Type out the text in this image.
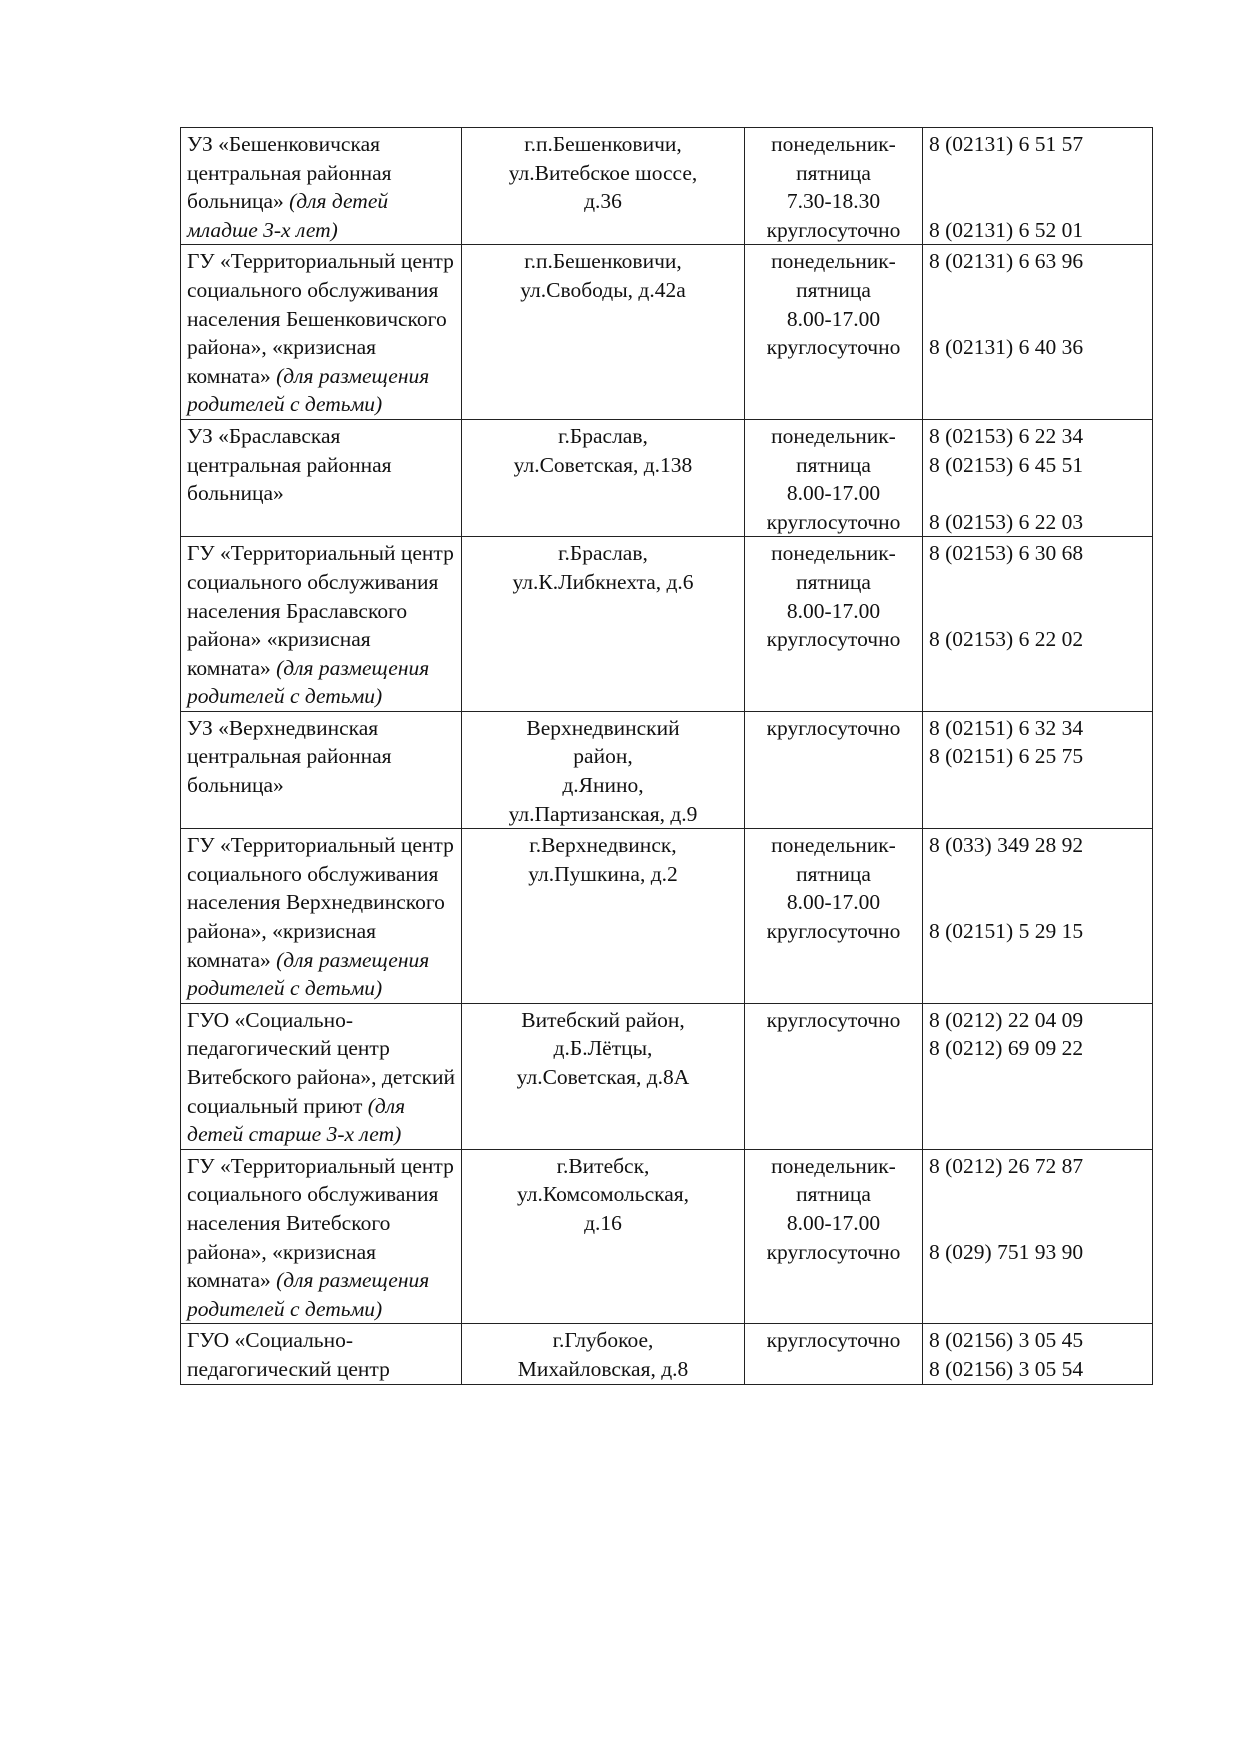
УЗ «Бешенковичская центральная районная больница» (для детей младше 3-х лет)	г.п.Бешенковичи,
ул.Витебское шоссе,
д.36	понедельник-
пятница
7.30-18.30
круглосуточно	8 (02131) 6 51 57
8 (02131) 6 52 01

ГУ «Территориальный центр социального обслуживания населения Бешенковичского района», «кризисная комната» (для размещения родителей с детьми)	г.п.Бешенковичи,
ул.Свободы, д.42а	понедельник-
пятница
8.00-17.00
круглосуточно	8 (02131) 6 63 96
8 (02131) 6 40 36

УЗ «Браславская центральная районная больница»	г.Браслав,
ул.Советская, д.138	понедельник-
пятница
8.00-17.00
круглосуточно	8 (02153) 6 22 34
8 (02153) 6 45 51
8 (02153) 6 22 03

ГУ «Территориальный центр социального обслуживания населения Браславского района» «кризисная комната» (для размещения родителей с детьми)	г.Браслав,
ул.К.Либкнехта, д.6	понедельник-
пятница
8.00-17.00
круглосуточно	8 (02153) 6 30 68
8 (02153) 6 22 02

УЗ «Верхнедвинская центральная районная больница»	Верхнедвинский
район,
д.Янино,
ул.Партизанская, д.9	круглосуточно	8 (02151) 6 32 34
8 (02151) 6 25 75

ГУ «Территориальный центр социального обслуживания населения Верхнедвинского района», «кризисная комната» (для размещения родителей с детьми)	г.Верхнедвинск,
ул.Пушкина, д.2	понедельник-
пятница
8.00-17.00
круглосуточно	8 (033) 349 28 92
8 (02151) 5 29 15

ГУО «Социально-педагогический центр Витебского района», детский социальный приют (для детей старше 3-х лет)	Витебский район,
д.Б.Лётцы,
ул.Советская, д.8А	круглосуточно	8 (0212) 22 04 09
8 (0212) 69 09 22

ГУ «Территориальный центр социального обслуживания населения Витебского района», «кризисная комната» (для размещения родителей с детьми)	г.Витебск,
ул.Комсомольская,
д.16	понедельник-
пятница
8.00-17.00
круглосуточно	8 (0212) 26 72 87
8 (029) 751 93 90

ГУО «Социально-педагогический центр	г.Глубокое,
Михайловская, д.8	круглосуточно	8 (02156) 3 05 45
8 (02156) 3 05 54
